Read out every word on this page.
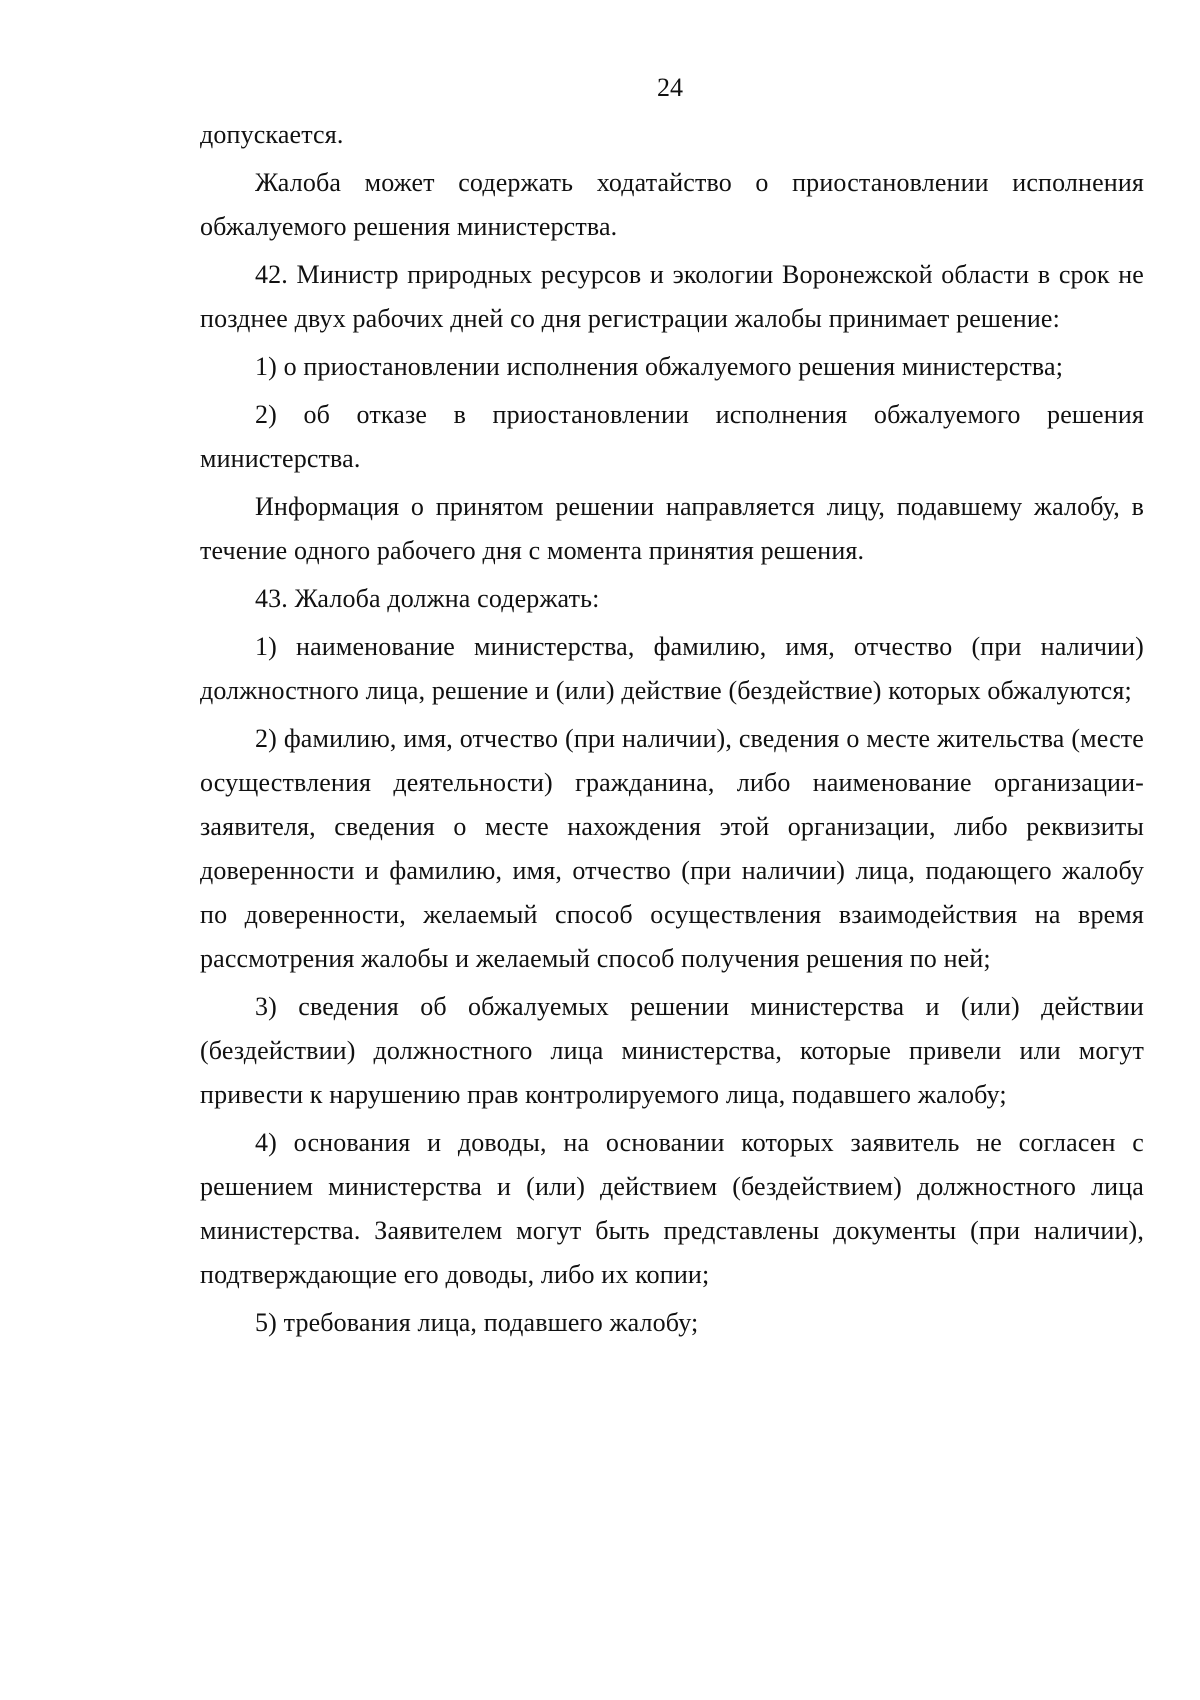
24

допускается.

Жалоба может содержать ходатайство о приостановлении исполнения обжалуемого решения министерства.

42. Министр природных ресурсов и экологии Воронежской области в срок не позднее двух рабочих дней со дня регистрации жалобы принимает решение:

1) о приостановлении исполнения обжалуемого решения министерства;

2) об отказе в приостановлении исполнения обжалуемого решения министерства.

Информация о принятом решении направляется лицу, подавшему жалобу, в течение одного рабочего дня с момента принятия решения.

43. Жалоба должна содержать:

1) наименование министерства, фамилию, имя, отчество (при наличии) должностного лица, решение и (или) действие (бездействие) которых обжалуются;

2) фамилию, имя, отчество (при наличии), сведения о месте жительства (месте осуществления деятельности) гражданина, либо наименование организации-заявителя, сведения о месте нахождения этой организации, либо реквизиты доверенности и фамилию, имя, отчество (при наличии) лица, подающего жалобу по доверенности, желаемый способ осуществления взаимодействия на время рассмотрения жалобы и желаемый способ получения решения по ней;

3) сведения об обжалуемых решении министерства и (или) действии (бездействии) должностного лица министерства, которые привели или могут привести к нарушению прав контролируемого лица, подавшего жалобу;

4) основания и доводы, на основании которых заявитель не согласен с решением министерства и (или) действием (бездействием) должностного лица министерства. Заявителем могут быть представлены документы (при наличии), подтверждающие его доводы, либо их копии;

5) требования лица, подавшего жалобу;
